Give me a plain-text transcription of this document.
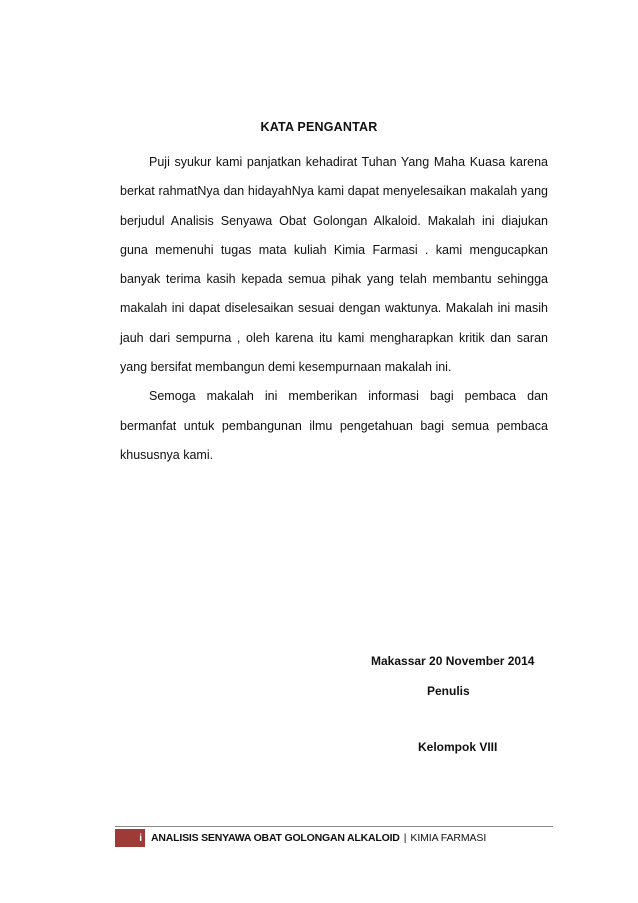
KATA PENGANTAR

Puji syukur kami panjatkan kehadirat Tuhan Yang Maha Kuasa karena berkat rahmatNya dan hidayahNya kami dapat menyelesaikan makalah yang berjudul Analisis Senyawa Obat Golongan Alkaloid. Makalah ini diajukan guna memenuhi tugas mata kuliah Kimia Farmasi . kami mengucapkan banyak terima kasih kepada semua pihak yang telah membantu sehingga makalah ini dapat diselesaikan sesuai dengan waktunya. Makalah ini masih jauh dari sempurna , oleh karena itu kami mengharapkan kritik dan saran yang bersifat membangun demi kesempurnaan makalah ini.

Semoga makalah ini memberikan informasi bagi pembaca dan bermanfat untuk pembangunan ilmu pengetahuan bagi semua pembaca khususnya kami.

Makassar 20 November 2014
Penulis
Kelompok VIII
i ANALISIS SENYAWA OBAT GOLONGAN ALKALOID | KIMIA FARMASI
